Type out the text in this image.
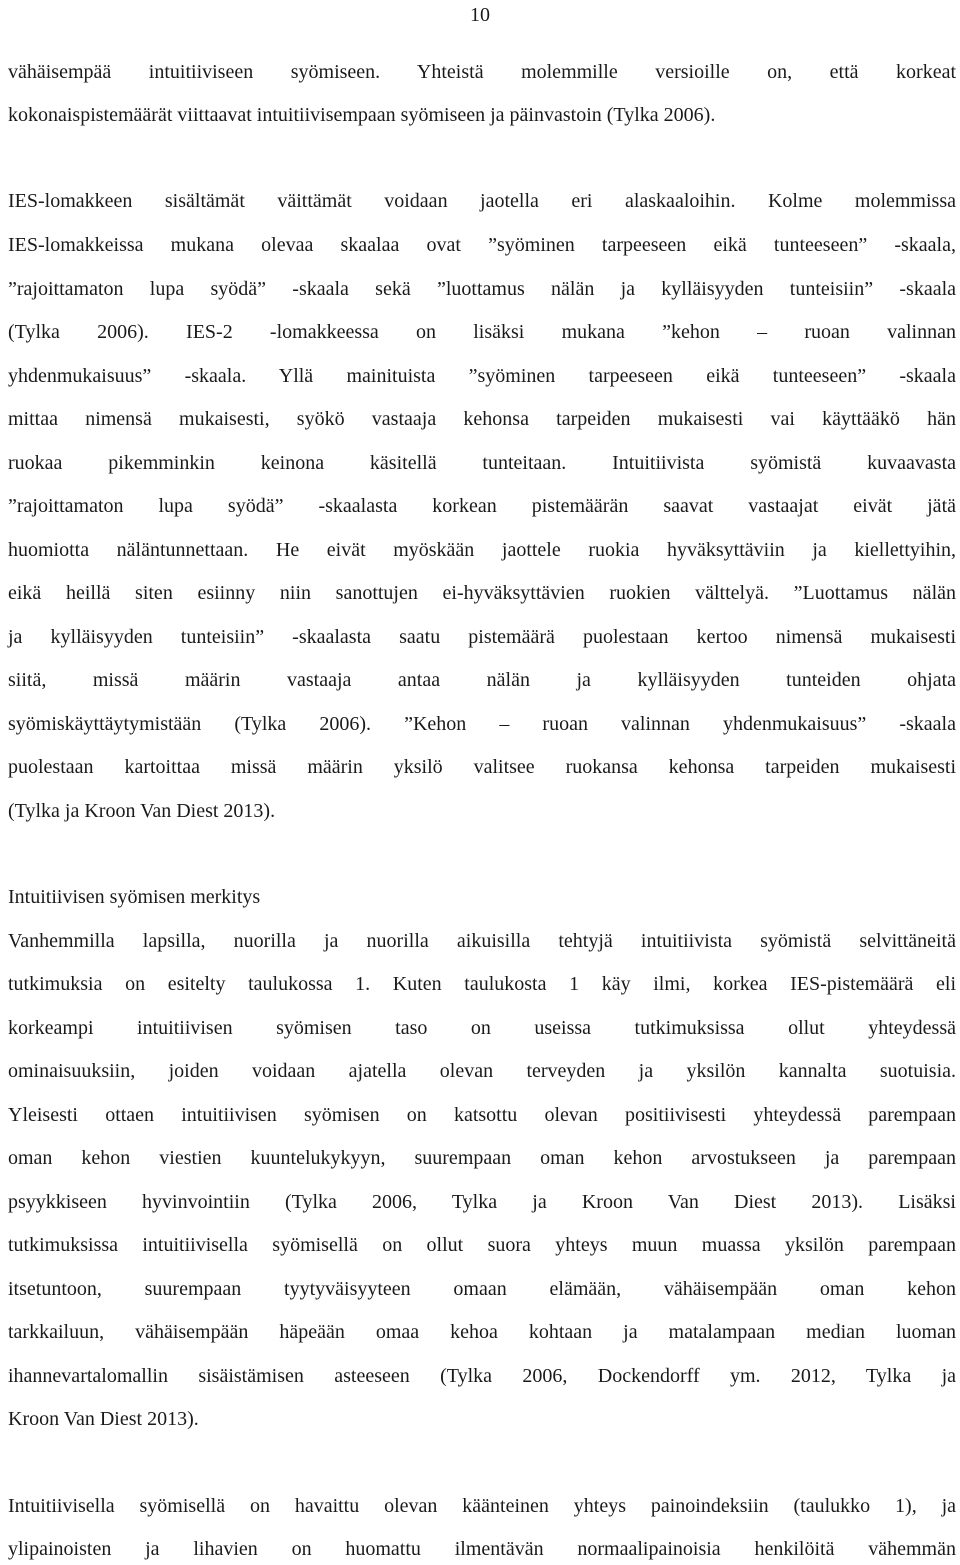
10
vähäisempää intuitiiviseen syömiseen. Yhteistä molemmille versioille on, että korkeat
kokonaispistemäärät viittaavat intuitiivisempaan syömiseen ja päinvastoin (Tylka 2006).
IES-lomakkeen sisältämät väittämät voidaan jaotella eri alaskaaloihin. Kolme molemmissa
IES-lomakkeissa mukana olevaa skaalaa ovat ”syöminen tarpeeseen eikä tunteeseen” -skaala,
”rajoittamaton lupa syödä” -skaala sekä ”luottamus nälän ja kylläisyyden tunteisiin” -skaala
(Tylka 2006). IES-2 -lomakkeessa on lisäksi mukana ”kehon – ruoan valinnan
yhdenmukaisuus” -skaala. Yllä mainituista ”syöminen tarpeeseen eikä tunteeseen” -skaala
mittaa nimensä mukaisesti, syökö vastaaja kehonsa tarpeiden mukaisesti vai käyttääkö hän
ruokaa pikemminkin keinona käsitellä tunteitaan. Intuitiivista syömistä kuvaavasta
”rajoittamaton lupa syödä” -skaalasta korkean pistemäärän saavat vastaajat eivät jätä
huomiotta näläntunnettaan. He eivät myöskään jaottele ruokia hyväksyttäviin ja kiellettyihin,
eikä heillä siten esiinny niin sanottujen ei-hyväksyttävien ruokien välttelyä. ”Luottamus nälän
ja kylläisyyden tunteisiin” -skaalasta saatu pistemäärä puolestaan kertoo nimensä mukaisesti
siitä, missä määrin vastaaja antaa nälän ja kylläisyyden tunteiden ohjata
syömiskäyttäytymistään (Tylka 2006). ”Kehon – ruoan valinnan yhdenmukaisuus” -skaala
puolestaan kartoittaa missä määrin yksilö valitsee ruokansa kehonsa tarpeiden mukaisesti
(Tylka ja Kroon Van Diest 2013).
Intuitiivisen syömisen merkitys
Vanhemmilla lapsilla, nuorilla ja nuorilla aikuisilla tehtyjä intuitiivista syömistä selvittäneitä
tutkimuksia on esitelty taulukossa 1. Kuten taulukosta 1 käy ilmi, korkea IES-pistemäärä eli
korkeampi intuitiivisen syömisen taso on useissa tutkimuksissa ollut yhteydessä
ominaisuuksiin, joiden voidaan ajatella olevan terveyden ja yksilön kannalta suotuisia.
Yleisesti ottaen intuitiivisen syömisen on katsottu olevan positiivisesti yhteydessä parempaan
oman kehon viestien kuuntelukykyyn, suurempaan oman kehon arvostukseen ja parempaan
psyykkiseen hyvinvointiin (Tylka 2006, Tylka ja Kroon Van Diest 2013). Lisäksi
tutkimuksissa intuitiivisella syömisellä on ollut suora yhteys muun muassa yksilön parempaan
itsetuntoon, suurempaan tyytyväisyyteen omaan elämään, vähäisempään oman kehon
tarkkailuun, vähäisempään häpeään omaa kehoa kohtaan ja matalampaan median luoman
ihannevartalomallin sisäistämisen asteeseen (Tylka 2006, Dockendorff ym. 2012, Tylka ja
Kroon Van Diest 2013).
Intuitiivisella syömisellä on havaittu olevan käänteinen yhteys painoindeksiin (taulukko 1), ja
ylipainoisten ja lihavien on huomattu ilmentävän normaalipainoisia henkilöitä vähemmän
